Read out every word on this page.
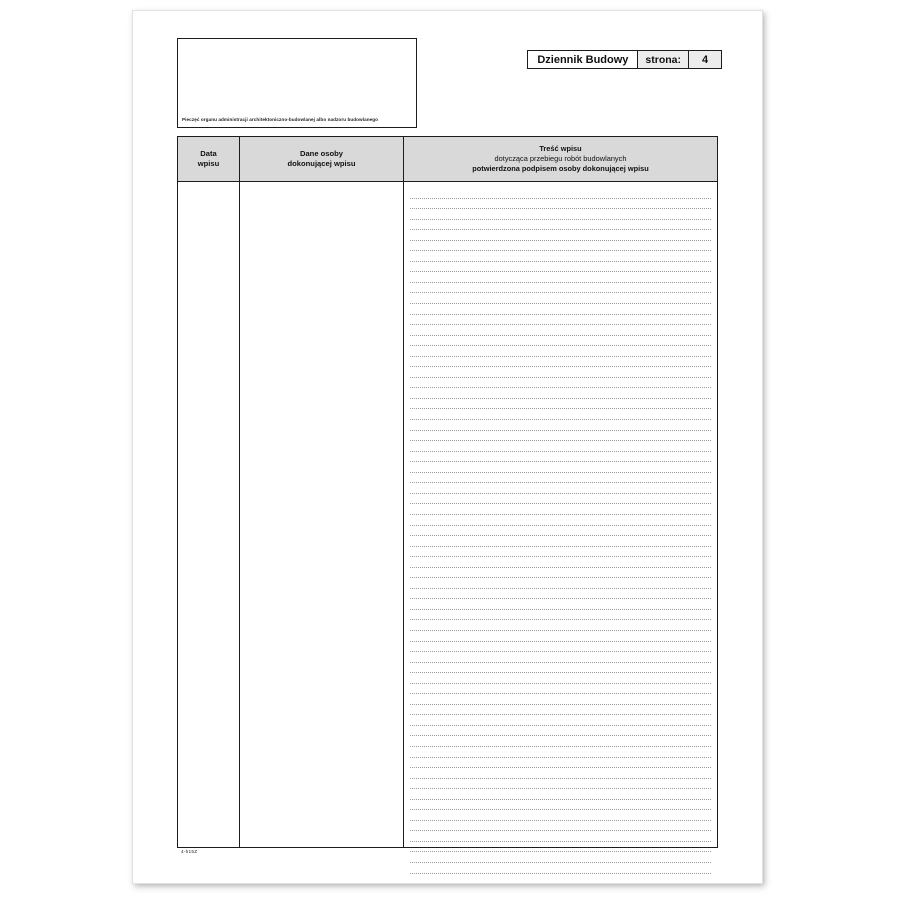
Pieczęć organu administracji architektoniczno-budowlanej albo nadzoru budowlanego
Dziennik Budowy	strona:	4
Data
wpisu
Dane osoby
dokonującej wpisu
Treść wpisu
dotycząca przebiegu robót budowlanych
potwierdzona podpisem osoby dokonującej wpisu
4-h15Z
